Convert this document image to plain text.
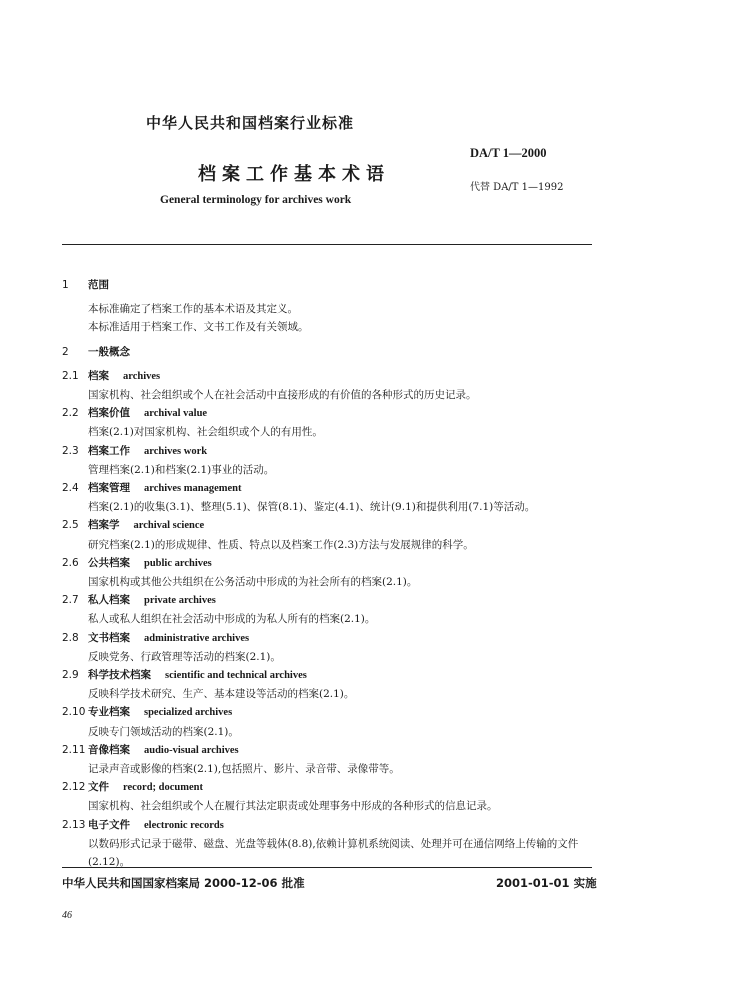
中华人民共和国档案行业标准
DA/T 1—2000
档案工作基本术语
代替 DA/T 1—1992
General terminology for archives work
1 范围
本标准确定了档案工作的基本术语及其定义。
本标准适用于档案工作、文书工作及有关领域。
2 一般概念
2.1 档案 archives
国家机构、社会组织或个人在社会活动中直接形成的有价值的各种形式的历史记录。
2.2 档案价值 archival value
档案(2.1)对国家机构、社会组织或个人的有用性。
2.3 档案工作 archives work
管理档案(2.1)和档案(2.1)事业的活动。
2.4 档案管理 archives management
档案(2.1)的收集(3.1)、整理(5.1)、保管(8.1)、鉴定(4.1)、统计(9.1)和提供利用(7.1)等活动。
2.5 档案学 archival science
研究档案(2.1)的形成规律、性质、特点以及档案工作(2.3)方法与发展规律的科学。
2.6 公共档案 public archives
国家机构或其他公共组织在公务活动中形成的为社会所有的档案(2.1)。
2.7 私人档案 private archives
私人或私人组织在社会活动中形成的为私人所有的档案(2.1)。
2.8 文书档案 administrative archives
反映党务、行政管理等活动的档案(2.1)。
2.9 科学技术档案 scientific and technical archives
反映科学技术研究、生产、基本建设等活动的档案(2.1)。
2.10 专业档案 specialized archives
反映专门领域活动的档案(2.1)。
2.11 音像档案 audio-visual archives
记录声音或影像的档案(2.1),包括照片、影片、录音带、录像带等。
2.12 文件 record; document
国家机构、社会组织或个人在履行其法定职责或处理事务中形成的各种形式的信息记录。
2.13 电子文件 electronic records
以数码形式记录于磁带、磁盘、光盘等载体(8.8),依赖计算机系统阅读、处理并可在通信网络上传输的文件(2.12)。
中华人民共和国国家档案局 2000-12-06 批准	2001-01-01 实施
46
